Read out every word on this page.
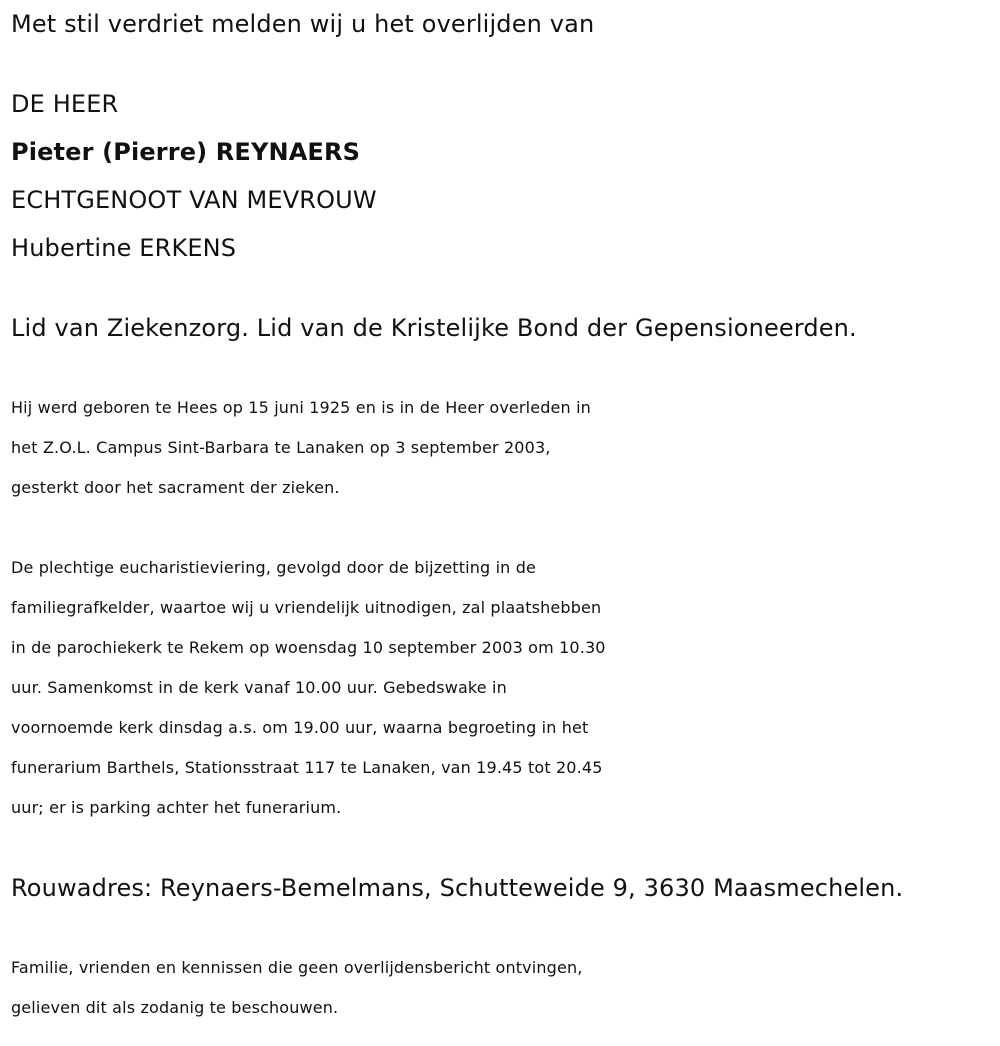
Met stil verdriet melden wij u het overlijden van
DE HEER
Pieter (Pierre) REYNAERS
ECHTGENOOT VAN MEVROUW
Hubertine ERKENS
Lid van Ziekenzorg. Lid van de Kristelijke Bond der Gepensioneerden.
Hij werd geboren te Hees op 15 juni 1925 en is in de Heer overleden in
het Z.O.L. Campus Sint-Barbara te Lanaken op 3 september 2003,
gesterkt door het sacrament der zieken.
De plechtige eucharistieviering, gevolgd door de bijzetting in de
familiegrafkelder, waartoe wij u vriendelijk uitnodigen, zal plaatshebben
in de parochiekerk te Rekem op woensdag 10 september 2003 om 10.30
uur. Samenkomst in de kerk vanaf 10.00 uur. Gebedswake in
voornoemde kerk dinsdag a.s. om 19.00 uur, waarna begroeting in het
funerarium Barthels, Stationsstraat 117 te Lanaken, van 19.45 tot 20.45
uur; er is parking achter het funerarium.
Rouwadres: Reynaers-Bemelmans, Schutteweide 9, 3630 Maasmechelen.
Familie, vrienden en kennissen die geen overlijdensbericht ontvingen,
gelieven dit als zodanig te beschouwen.
